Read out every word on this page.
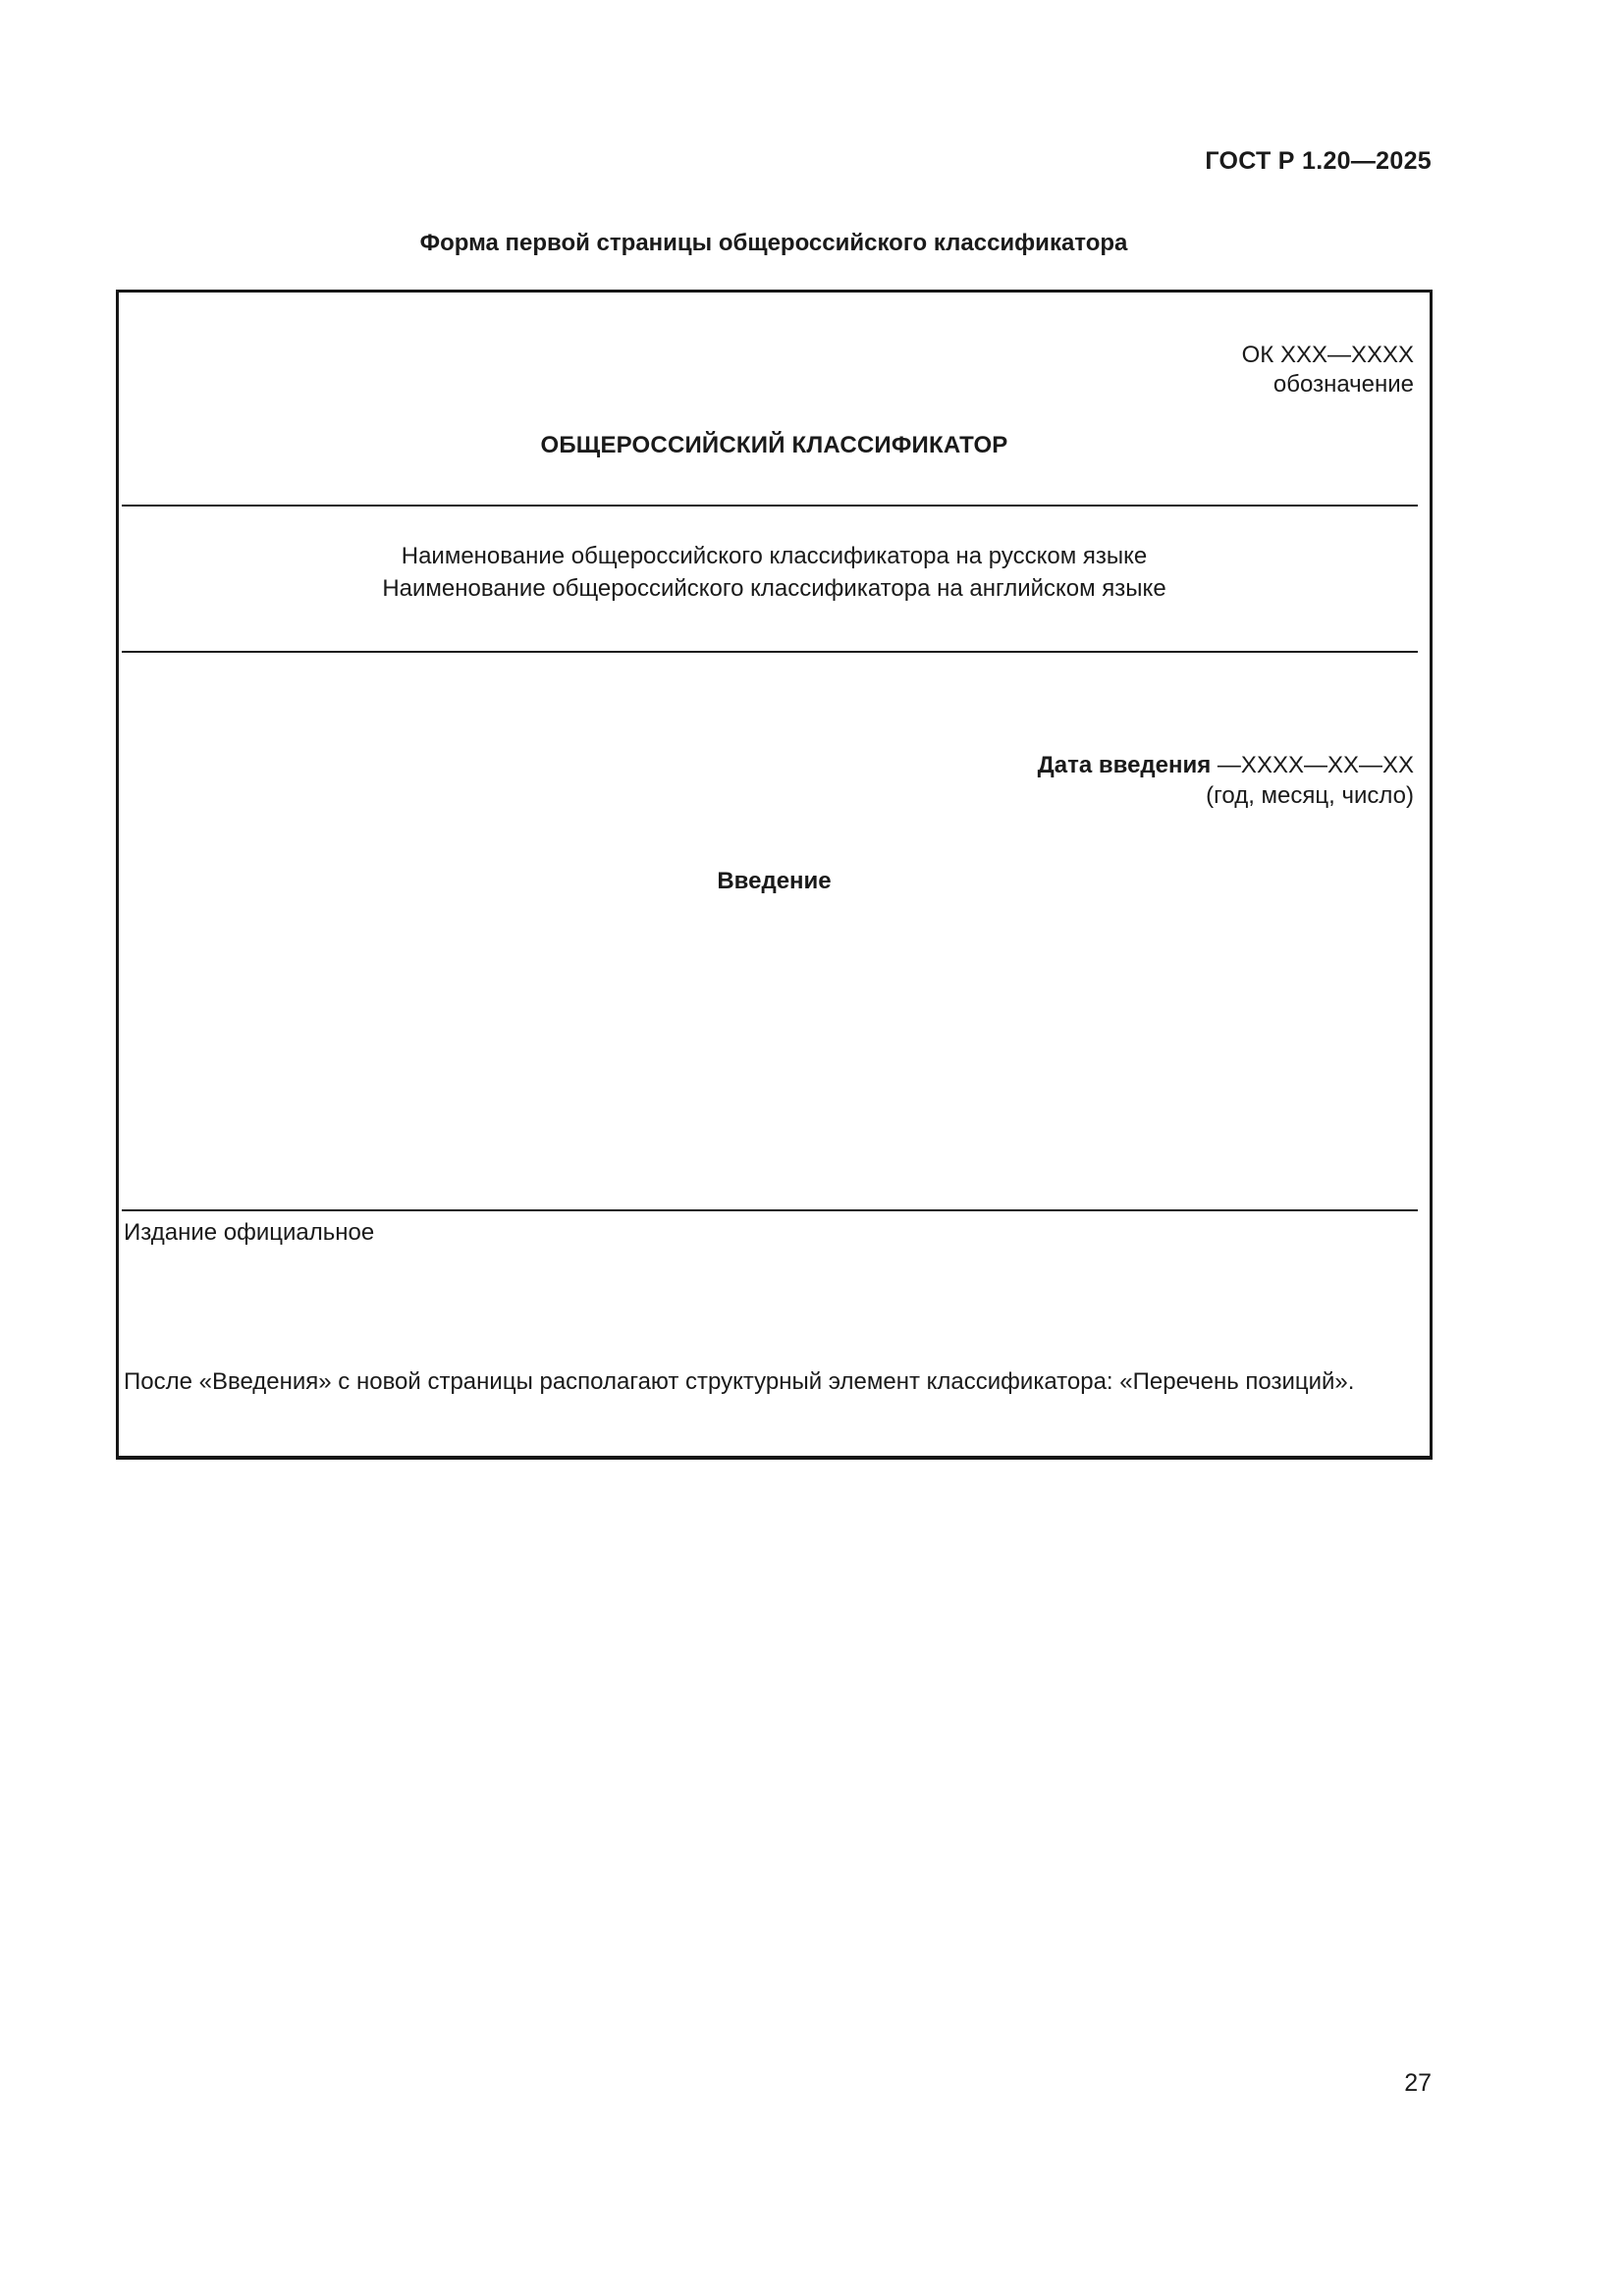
ГОСТ Р 1.20—2025
Форма первой страницы общероссийского классификатора
ОК XXX—XXXX
обозначение
ОБЩЕРОССИЙСКИЙ КЛАССИФИКАТОР
Наименование общероссийского классификатора на русском языке
Наименование общероссийского классификатора на английском языке
Дата введения —XXXX—XX—XX
(год, месяц, число)
Введение
Издание официальное
После «Введения» с новой страницы располагают структурный элемент классификатора: «Перечень позиций».
27
